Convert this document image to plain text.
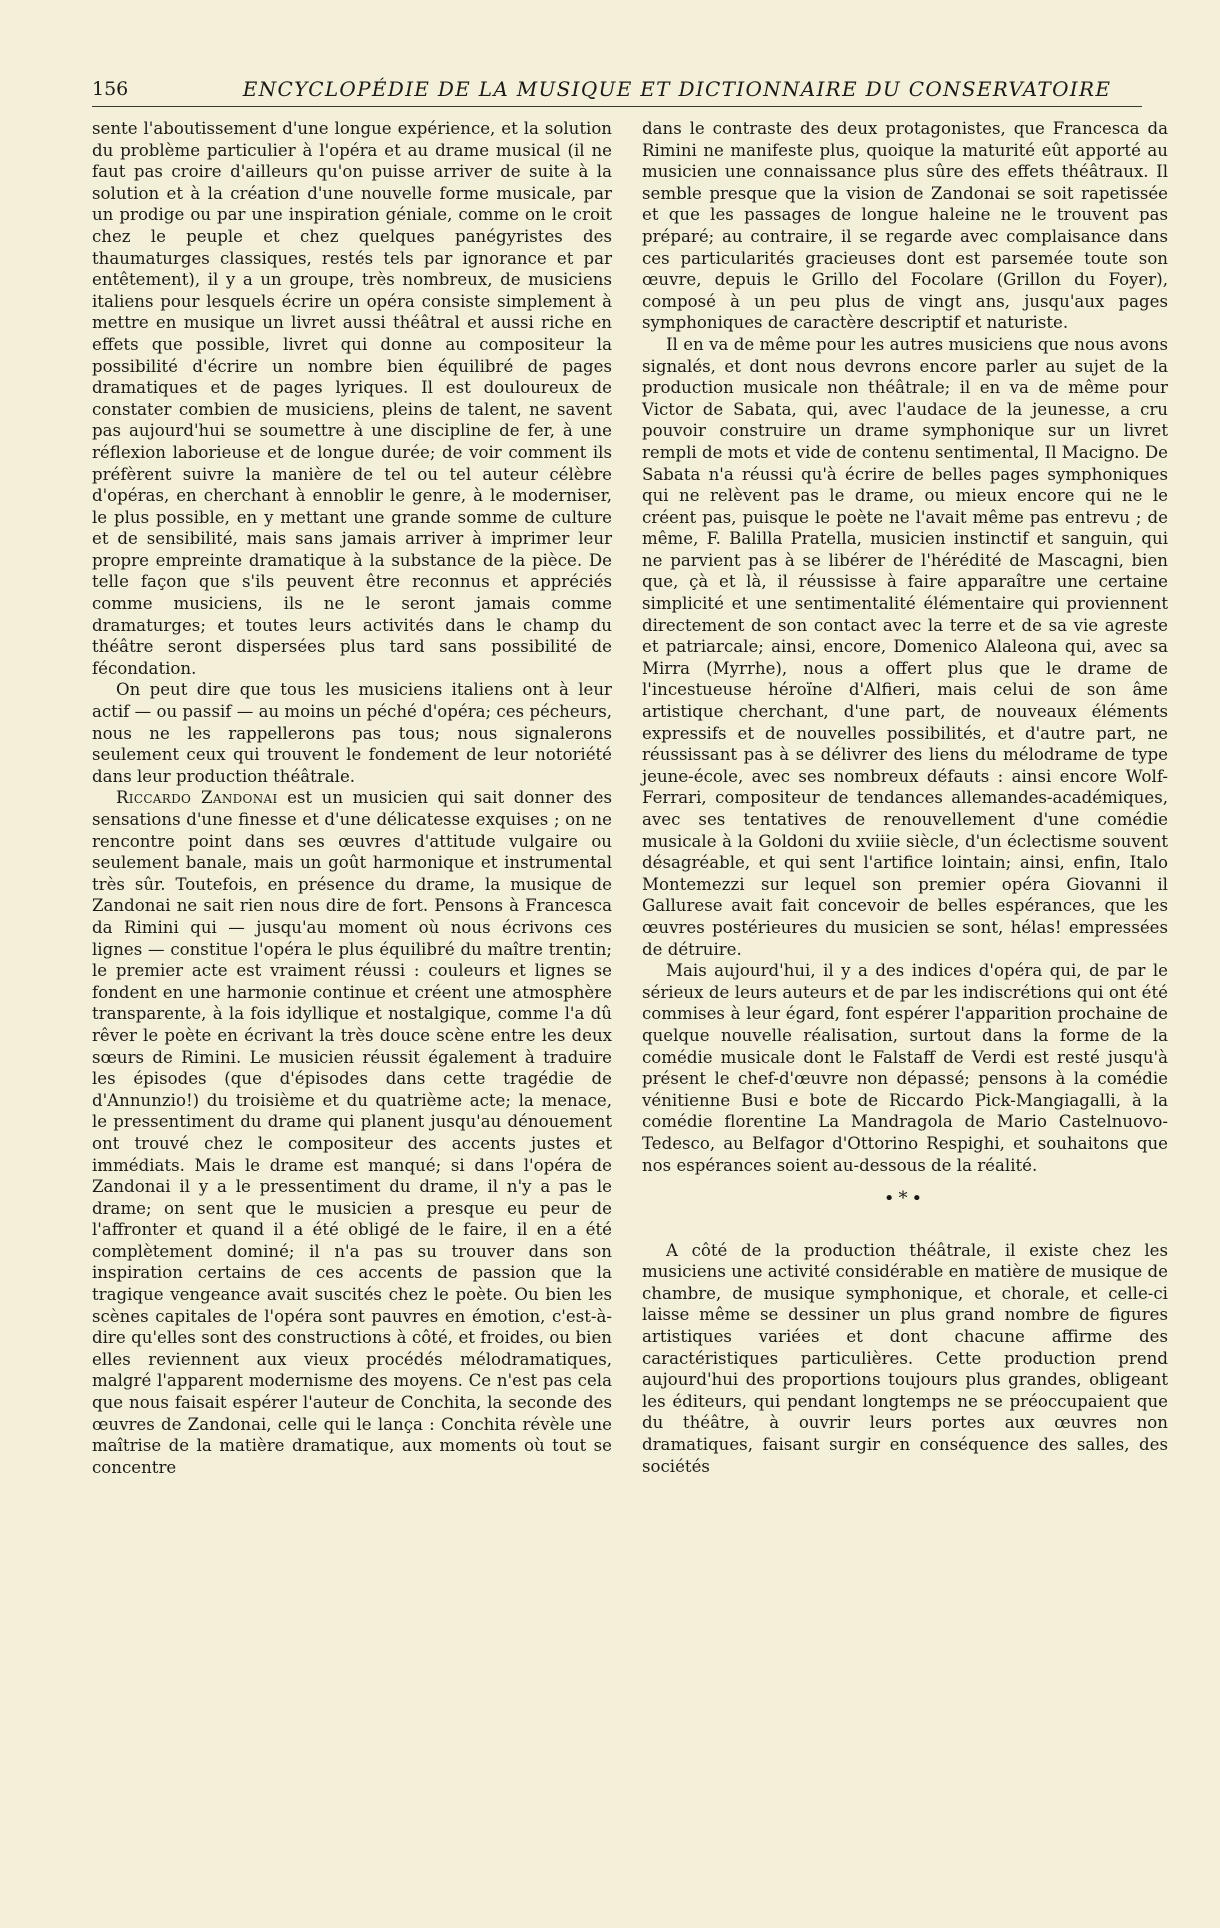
156	ENCYCLOPÉDIE DE LA MUSIQUE ET DICTIONNAIRE DU CONSERVATOIRE

sente l'aboutissement d'une longue expérience, et la solution du problème particulier à l'opéra et au drame musical (il ne faut pas croire d'ailleurs qu'on puisse arriver de suite à la solution et à la création d'une nouvelle forme musicale, par un prodige ou par une inspiration géniale, comme on le croit chez le peuple et chez quelques panégyristes des thaumaturges classiques, restés tels par ignorance et par entêtement), il y a un groupe, très nombreux, de musiciens italiens pour lesquels écrire un opéra consiste simplement à mettre en musique un livret aussi théâtral et aussi riche en effets que possible, livret qui donne au compositeur la possibilité d'écrire un nombre bien équilibré de pages dramatiques et de pages lyriques. Il est douloureux de constater combien de musiciens, pleins de talent, ne savent pas aujourd'hui se soumettre à une discipline de fer, à une réflexion laborieuse et de longue durée; de voir comment ils préfèrent suivre la manière de tel ou tel auteur célèbre d'opéras, en cherchant à ennoblir le genre, à le moderniser, le plus possible, en y mettant une grande somme de culture et de sensibilité, mais sans jamais arriver à imprimer leur propre empreinte dramatique à la substance de la pièce. De telle façon que s'ils peuvent être reconnus et appréciés comme musiciens, ils ne le seront jamais comme dramaturges; et toutes leurs activités dans le champ du théâtre seront dispersées plus tard sans possibilité de fécondation.

On peut dire que tous les musiciens italiens ont à leur actif — ou passif — au moins un péché d'opéra; ces pécheurs, nous ne les rappellerons pas tous; nous signalerons seulement ceux qui trouvent le fondement de leur notoriété dans leur production théâtrale.

Riccardo Zandonai est un musicien qui sait donner des sensations d'une finesse et d'une délicatesse exquises ; on ne rencontre point dans ses œuvres d'attitude vulgaire ou seulement banale, mais un goût harmonique et instrumental très sûr. Toutefois, en présence du drame, la musique de Zandonai ne sait rien nous dire de fort. Pensons à Francesca da Rimini qui — jusqu'au moment où nous écrivons ces lignes — constitue l'opéra le plus équilibré du maître trentin; le premier acte est vraiment réussi : couleurs et lignes se fondent en une harmonie continue et créent une atmosphère transparente, à la fois idyllique et nostalgique, comme l'a dû rêver le poète en écrivant la très douce scène entre les deux sœurs de Rimini. Le musicien réussit également à traduire les épisodes (que d'épisodes dans cette tragédie de d'Annunzio!) du troisième et du quatrième acte; la menace, le pressentiment du drame qui planent jusqu'au dénouement ont trouvé chez le compositeur des accents justes et immédiats. Mais le drame est manqué; si dans l'opéra de Zandonai il y a le pressentiment du drame, il n'y a pas le drame; on sent que le musicien a presque eu peur de l'affronter et quand il a été obligé de le faire, il en a été complètement dominé; il n'a pas su trouver dans son inspiration certains de ces accents de passion que la tragique vengeance avait suscités chez le poète. Ou bien les scènes capitales de l'opéra sont pauvres en émotion, c'est-à-dire qu'elles sont des constructions à côté, et froides, ou bien elles reviennent aux vieux procédés mélodramatiques, malgré l'apparent modernisme des moyens. Ce n'est pas cela que nous faisait espérer l'auteur de Conchita, la seconde des œuvres de Zandonai, celle qui le lança : Conchita révèle une maîtrise de la matière dramatique, aux moments où tout se concentre

dans le contraste des deux protagonistes, que Francesca da Rimini ne manifeste plus, quoique la maturité eût apporté au musicien une connaissance plus sûre des effets théâtraux. Il semble presque que la vision de Zandonai se soit rapetissée et que les passages de longue haleine ne le trouvent pas préparé; au contraire, il se regarde avec complaisance dans ces particularités gracieuses dont est parsemée toute son œuvre, depuis le Grillo del Focolare (Grillon du Foyer), composé à un peu plus de vingt ans, jusqu'aux pages symphoniques de caractère descriptif et naturiste.

Il en va de même pour les autres musiciens que nous avons signalés, et dont nous devrons encore parler au sujet de la production musicale non théâtrale; il en va de même pour Victor de Sabata, qui, avec l'audace de la jeunesse, a cru pouvoir construire un drame symphonique sur un livret rempli de mots et vide de contenu sentimental, Il Macigno. De Sabata n'a réussi qu'à écrire de belles pages symphoniques qui ne relèvent pas le drame, ou mieux encore qui ne le créent pas, puisque le poète ne l'avait même pas entrevu ; de même, F. Balilla Pratella, musicien instinctif et sanguin, qui ne parvient pas à se libérer de l'hérédité de Mascagni, bien que, çà et là, il réussisse à faire apparaître une certaine simplicité et une sentimentalité élémentaire qui proviennent directement de son contact avec la terre et de sa vie agreste et patriarcale; ainsi, encore, Domenico Alaleona qui, avec sa Mirra (Myrrhe), nous a offert plus que le drame de l'incestueuse héroïne d'Alfieri, mais celui de son âme artistique cherchant, d'une part, de nouveaux éléments expressifs et de nouvelles possibilités, et d'autre part, ne réussissant pas à se délivrer des liens du mélodrame de type jeune-école, avec ses nombreux défauts : ainsi encore Wolf-Ferrari, compositeur de tendances allemandes-académiques, avec ses tentatives de renouvellement d'une comédie musicale à la Goldoni du xviiie siècle, d'un éclectisme souvent désagréable, et qui sent l'artifice lointain; ainsi, enfin, Italo Montemezzi sur lequel son premier opéra Giovanni il Gallurese avait fait concevoir de belles espérances, que les œuvres postérieures du musicien se sont, hélas! empressées de détruire.

Mais aujourd'hui, il y a des indices d'opéra qui, de par le sérieux de leurs auteurs et de par les indiscrétions qui ont été commises à leur égard, font espérer l'apparition prochaine de quelque nouvelle réalisation, surtout dans la forme de la comédie musicale dont le Falstaff de Verdi est resté jusqu'à présent le chef-d'œuvre non dépassé; pensons à la comédie vénitienne Busi e bote de Riccardo Pick-Mangiagalli, à la comédie florentine La Mandragola de Mario Castelnuovo-Tedesco, au Belfagor d'Ottorino Respighi, et souhaitons que nos espérances soient au-dessous de la réalité.

•*•

A côté de la production théâtrale, il existe chez les musiciens une activité considérable en matière de musique de chambre, de musique symphonique, et chorale, et celle-ci laisse même se dessiner un plus grand nombre de figures artistiques variées et dont chacune affirme des caractéristiques particulières. Cette production prend aujourd'hui des proportions toujours plus grandes, obligeant les éditeurs, qui pendant longtemps ne se préoccupaient que du théâtre, à ouvrir leurs portes aux œuvres non dramatiques, faisant surgir en conséquence des salles, des sociétés
